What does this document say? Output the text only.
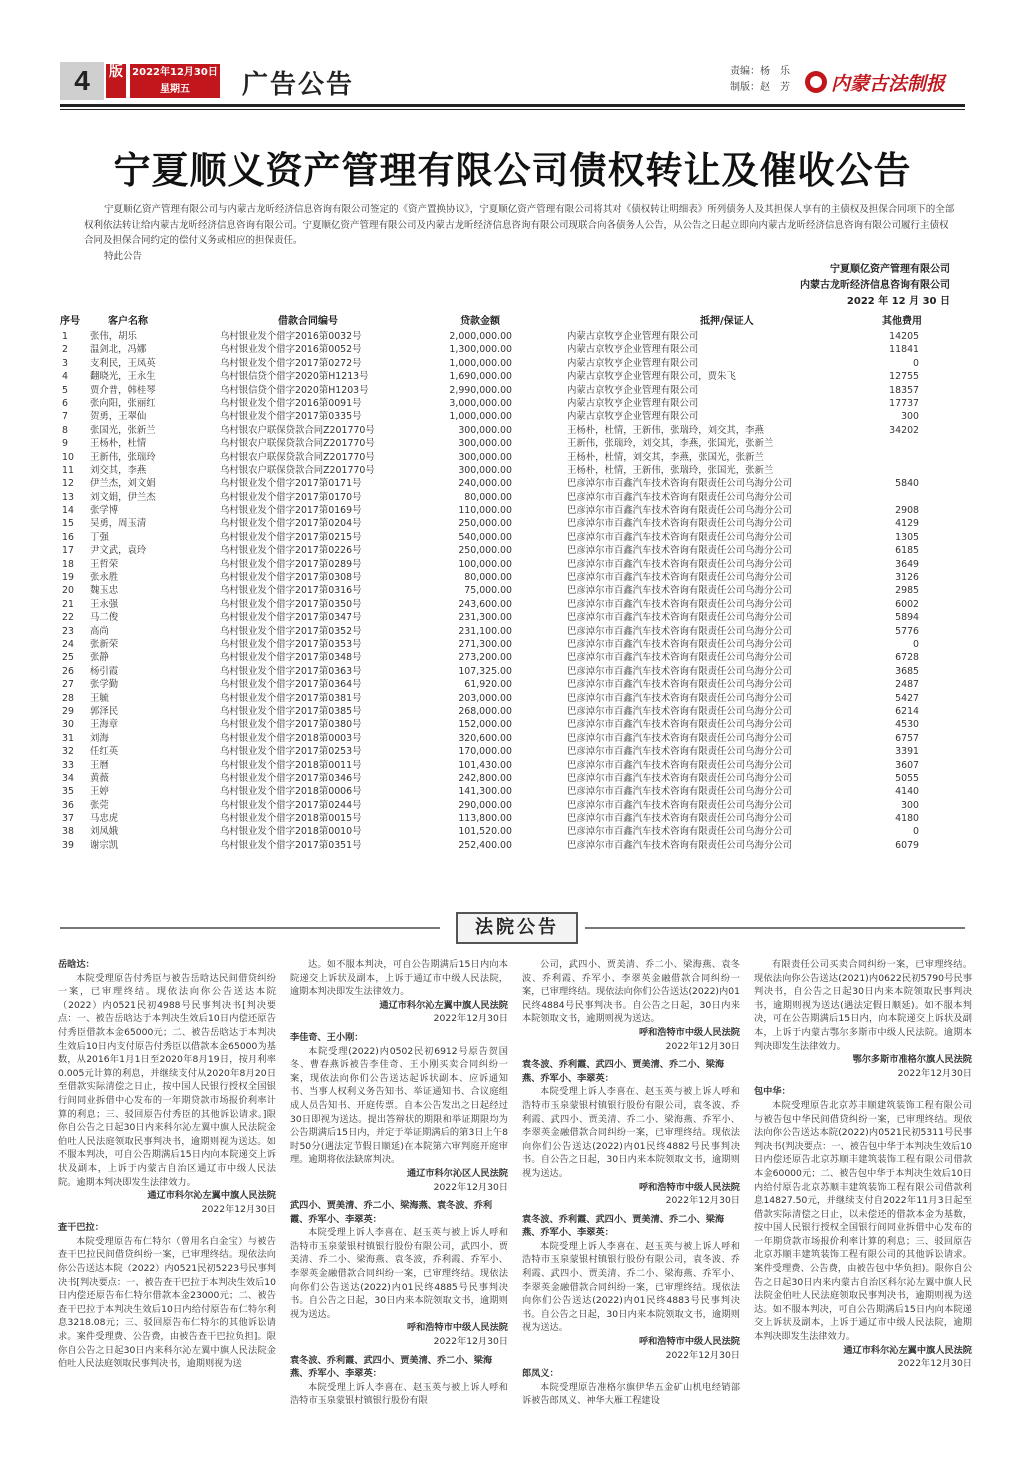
4	版 2022年12月30日
星期五	广告公告	责编：杨　乐
制版：赵　芳 内蒙古法制报
宁夏顺义资产管理有限公司债权转让及催收公告

宁夏顺亿资产管理有限公司与内蒙古龙昕经济信息咨询有限公司签定的《资产置换协议》，宁夏顺亿资产管理有限公司将其对《债权转让明细表》所列债务人及其担保人享有的主债权及担保合同项下的全部权利依法转让给内蒙古龙昕经济信息咨询有限公司。宁夏顺亿资产管理有限公司及内蒙古龙昕经济信息咨询有限公司现联合向各债务人公告，从公告之日起立即向内蒙古龙昕经济信息咨询有限公司履行主债权合同及担保合同约定的偿付义务或相应的担保责任。

特此公告
宁夏顺亿资产管理有限公司
内蒙古龙昕经济信息咨询有限公司
2022 年 12 月 30 日
序号	客户名称	借款合同编号	贷款金额	抵押/保证人	其他费用
1 张伟，胡乐	乌村银业发个借字2016第0032号	2,000,000.00	内蒙古京牧亨企业管理有限公司	14205
2 温剑北，冯娜	乌村银业发个借字2016第0052号	1,300,000.00	内蒙古京牧亨企业管理有限公司	11841
3 支利民，王凤英	乌村银业发个借字2017第0272号	1,000,000.00	内蒙古京牧亨企业管理有限公司	0
4 翻晓光，王永生	乌村银信贷个借字2020第H1213号	1,690,000.00	内蒙古京牧亨企业管理有限公司，贾朱飞	12755
5 贾介普，韩桂琴	乌村银信贷个借字2020第H1203号	2,990,000.00	内蒙古京牧亨企业管理有限公司	18357
6 张向阳，张丽红	乌村银业发个借字2016第0091号	3,000,000.00	内蒙古京牧亨企业管理有限公司	17737
7 贺勇，王翠仙	乌村银业发个借字2017第0335号	1,000,000.00	内蒙古京牧亨企业管理有限公司	300
8 张国光，张新兰	乌村银农户联保贷款合同Z201770号	300,000.00	王杨朴，杜情，王新伟，张瑞玲，刘交其，李燕	34202
9 王杨朴，杜情	乌村银农户联保贷款合同Z201770号	300,000.00	王新伟，张瑞玲，刘交其，李燕，张国光，张新兰
10 王新伟，张瑞玲	乌村银农户联保贷款合同Z201770号	300,000.00	王杨朴，杜情，刘交其，李燕，张国光，张新兰
11 刘交其，李燕	乌村银农户联保贷款合同Z201770号	300,000.00	王杨朴，杜情，王新伟，张瑞玲，张国光，张新兰
12 伊兰杰，刘文娟	乌村银业发个借字2017第0171号	240,000.00	巴彦淖尔市百鑫汽车技术咨询有限责任公司乌海分公司	5840
13 刘文娟，伊兰杰	乌村银业发个借字2017第0170号	80,000.00	巴彦淖尔市百鑫汽车技术咨询有限责任公司乌海分公司
14 张学博	乌村银业发个借字2017第0169号	110,000.00	巴彦淖尔市百鑫汽车技术咨询有限责任公司乌海分公司	2908
15 吴勇，周玉清	乌村银业发个借字2017第0204号	250,000.00	巴彦淖尔市百鑫汽车技术咨询有限责任公司乌海分公司	4129
16 丁强	乌村银业发个借字2017第0215号	540,000.00	巴彦淖尔市百鑫汽车技术咨询有限责任公司乌海分公司	1305
17 尹文武，袁玲	乌村银业发个借字2017第0226号	250,000.00	巴彦淖尔市百鑫汽车技术咨询有限责任公司乌海分公司	6185
18 王哲荣	乌村银业发个借字2017第0289号	100,000.00	巴彦淖尔市百鑫汽车技术咨询有限责任公司乌海分公司	3649
19 张永胜	乌村银业发个借字2017第0308号	80,000.00	巴彦淖尔市百鑫汽车技术咨询有限责任公司乌海分公司	3126
20 魏玉忠	乌村银业发个借字2017第0316号	75,000.00	巴彦淖尔市百鑫汽车技术咨询有限责任公司乌海分公司	2985
21 王永强	乌村银业发个借字2017第0350号	243,600.00	巴彦淖尔市百鑫汽车技术咨询有限责任公司乌海分公司	6002
22 马二俊	乌村银业发个借字2017第0347号	231,300.00	巴彦淖尔市百鑫汽车技术咨询有限责任公司乌海分公司	5894
23 高尚	乌村银业发个借字2017第0352号	231,100.00	巴彦淖尔市百鑫汽车技术咨询有限责任公司乌海分公司	5776
24 张新荣	乌村银业发个借字2017第0353号	271,300.00	巴彦淖尔市百鑫汽车技术咨询有限责任公司乌海分公司	0
25 张静	乌村银业发个借字2017第0348号	273,200.00	巴彦淖尔市百鑫汽车技术咨询有限责任公司乌海分公司	6728
26 杨引霞	乌村银业发个借字2017第0363号	107,325.00	巴彦淖尔市百鑫汽车技术咨询有限责任公司乌海分公司	3685
27 张学勤	乌村银业发个借字2017第0364号	61,920.00	巴彦淖尔市百鑫汽车技术咨询有限责任公司乌海分公司	2487
28 王毓	乌村银业发个借字2017第0381号	203,000.00	巴彦淖尔市百鑫汽车技术咨询有限责任公司乌海分公司	5427
29 郭泽民	乌村银业发个借字2017第0385号	268,000.00	巴彦淖尔市百鑫汽车技术咨询有限责任公司乌海分公司	6214
30 王海章	乌村银业发个借字2017第0380号	152,000.00	巴彦淖尔市百鑫汽车技术咨询有限责任公司乌海分公司	4530
31 刘海	乌村银业发个借字2018第0003号	320,600.00	巴彦淖尔市百鑫汽车技术咨询有限责任公司乌海分公司	6757
32 任红英	乌村银业发个借字2017第0253号	170,000.00	巴彦淖尔市百鑫汽车技术咨询有限责任公司乌海分公司	3391
33 王暦	乌村银业发个借字2018第0011号	101,430.00	巴彦淖尔市百鑫汽车技术咨询有限责任公司乌海分公司	3607
34 黄薇	乌村银业发个借字2017第0346号	242,800.00	巴彦淖尔市百鑫汽车技术咨询有限责任公司乌海分公司	5055
35 王婷	乌村银业发个借字2018第0006号	141,300.00	巴彦淖尔市百鑫汽车技术咨询有限责任公司乌海分公司	4140
36 张莞	乌村银业发个借字2017第0244号	290,000.00	巴彦淖尔市百鑫汽车技术咨询有限责任公司乌海分公司	300
37 马忠虎	乌村银业发个借字2018第0015号	113,800.00	巴彦淖尔市百鑫汽车技术咨询有限责任公司乌海分公司	4180
38 刘凤娥	乌村银业发个借字2018第0010号	101,520.00	巴彦淖尔市百鑫汽车技术咨询有限责任公司乌海分公司	0
39 谢宗凯	乌村银业发个借字2017第0351号	252,400.00	巴彦淖尔市百鑫汽车技术咨询有限责任公司乌海分公司	6079
法院公告
岳晗达：

本院受理原告付秀臣与被告岳晗达民间借贷纠纷一案，已审理终结。现依法向你公告送达本院（2022）内0521民初4988号民事判决书[判决要点：一、被告岳晗达于本判决生效后10日内偿还原告付秀臣借款本金65000元；二、被告岳晗达于本判决生效后10日内支付原告付秀臣以借款本金65000为基数，从2016年1月1日至2020年8月19日，按月利率0.005元计算的利息，并继续支付从2020年8月20日至借款实际清偿之日止，按中国人民银行授权全国银行间同业拆借中心发布的一年期贷款市场报价利率计算的利息；三、驳回原告付秀臣的其他诉讼请求。]限你自公告之日起30日内来科尔沁左翼中旗人民法院金伯吐人民法庭领取民事判决书，逾期则视为送达。如不服本判决，可自公告期满后15日内向本院递交上诉状及副本，上诉于内蒙古自治区通辽市中级人民法院。逾期本判决即发生法律效力。

通辽市科尔沁左翼中旗人民法院
2022年12月30日
查干巴拉：

本院受理原告布仁特尔（曾用名白金宝）与被告查干巴拉民间借贷纠纷一案，已审理终结。现依法向你公告送达本院（2022）内0521民初5223号民事判决书[判决要点：一、被告查干巴拉于本判决生效后10日内偿还原告布仁特尔借款本金23000元；二、被告查干巴拉于本判决生效后10日内给付原告布仁特尔利息3218.08元；三、驳回原告布仁特尔的其他诉讼请求。案件受理费、公告费，由被告查干巴拉负担]。限你自公告之日起30日内来科尔沁左翼中旗人民法院金伯吐人民法庭领取民事判决书，逾期则视为送

达。如不服本判决，可自公告期满后15日内向本院递交上诉状及副本，上诉于通辽市中级人民法院，逾期本判决即发生法律效力。

通辽市科尔沁左翼中旗人民法院
2022年12月30日
李佳奇、王小刚：

本院受理(2022)内0502民初6912号原告贺国冬、曹春燕诉被告李佳奇、王小刚买卖合同纠纷一案，现依法向你们公告送达起诉状副本、应诉通知书、当事人权利义务告知书、举证通知书、合议庭组成人员告知书、开庭传票。自本公告发出之日起经过30日即视为送达。提出答辩状的期限和举证期限均为公告期满后15日内，并定于举证期满后的第3日上午8时50分(遇法定节假日顺延)在本院第六审判庭开庭审理。逾期将依法缺席判决。

通辽市科尔沁区人民法院
2022年12月30日
武四小、贾美清、乔二小、梁海燕、袁冬波、乔利霞、乔军小、李翠英：

本院受理上诉人李喜在、赵玉英与被上诉人呼和浩特市玉泉蒙银村镇银行股份有限公司，武四小、贾美清、乔二小、梁海燕、袁冬波，乔利霞、乔军小、李翠英金融借款合同纠纷一案，已审理终结。现依法向你们公告送达(2022)内01民终4885号民事判决书。自公告之日起，30日内来本院领取文书，逾期则视为送达。

呼和浩特市中级人民法院
2022年12月30日
袁冬波、乔利霞、武四小、贾美清、乔二小、梁海燕、乔军小、李翠英：

本院受理上诉人李喜在、赵玉英与被上诉人呼和浩特市玉泉蒙银村镇银行股份有限

公司，武四小、贾美清、乔二小、梁海燕、袁冬波、乔利霞、乔军小、李翠英金融借款合同纠纷一案，已审理终结。现依法向你们公告送达(2022)内01民终4884号民事判决书。自公告之日起，30日内来本院领取文书，逾期则视为送达。

呼和浩特市中级人民法院
2022年12月30日
袁冬波、乔利霞、武四小、贾美清、乔二小、梁海燕、乔军小、李翠英：

本院受理上诉人李喜在、赵玉英与被上诉人呼和浩特市玉泉蒙银村镇银行股份有限公司，袁冬波、乔利霞、武四小、贾美清、乔二小、梁海燕、乔军小、李翠英金融借款合同纠纷一案，已审理终结。现依法向你们公告送达(2022)内01民终4882号民事判决书。自公告之日起，30日内来本院领取文书，逾期则视为送达。

呼和浩特市中级人民法院
2022年12月30日
袁冬波、乔利霞、武四小、贾美清、乔二小、梁海燕、乔军小、李翠英：

本院受理上诉人李喜在、赵玉英与被上诉人呼和浩特市玉泉蒙银村镇银行股份有限公司，袁冬波、乔利霞、武四小、贾美清、乔二小、梁海燕、乔军小、李翠英金融借款合同纠纷一案，已审理终结。现依法向你们公告送达(2022)内01民终4883号民事判决书。自公告之日起，30日内来本院领取文书，逾期则视为送达。

呼和浩特市中级人民法院
2022年12月30日
郎凤义：

本院受理原告准格尔旗伊华五金矿山机电经销部诉被告郎凤义、神华大雁工程建设

有限责任公司买卖合同纠纷一案，已审理终结。现依法向你公告送达(2021)内0622民初5790号民事判决书，自公告之日起30日内来本院领取民事判决书，逾期则视为送达(遇法定假日顺延)。如不服本判决，可在公告期满后15日内，向本院递交上诉状及副本，上诉于内蒙古鄂尔多斯市中级人民法院。逾期本判决即发生法律效力。

鄂尔多斯市准格尔旗人民法院
2022年12月30日
包中华：

本院受理原告北京苏丰顺建筑装饰工程有限公司与被告包中华民间借贷纠纷一案，已审理终结。现依法向你公告送达本院(2022)内0521民初5311号民事判决书(判决要点：一、被告包中华于本判决生效后10日内偿还原告北京苏顺丰建筑装饰工程有限公司借款本金60000元；二、被告包中华于本判决生效后10日内给付原告北京苏顺丰建筑装饰工程有限公司借款利息14827.50元，并继续支付自2022年11月3日起至借款实际清偿之日止，以未偿还的借款本金为基数，按中国人民银行授权全国银行间同业拆借中心发布的一年期贷款市场报价利率计算的利息；三、驳回原告北京苏顺丰建筑装饰工程有限公司的其他诉讼请求。案件受理费、公告费，由被告包中华负担)。限你自公告之日起30日内来内蒙古自治区科尔沁左翼中旗人民法院金伯吐人民法庭领取民事判决书，逾期则视为送达。如不服本判决，可自公告期满后15日内向本院递交上诉状及副本，上诉于通辽市中级人民法院，逾期本判决即发生法律效力。

通辽市科尔沁左翼中旗人民法院
2022年12月30日
